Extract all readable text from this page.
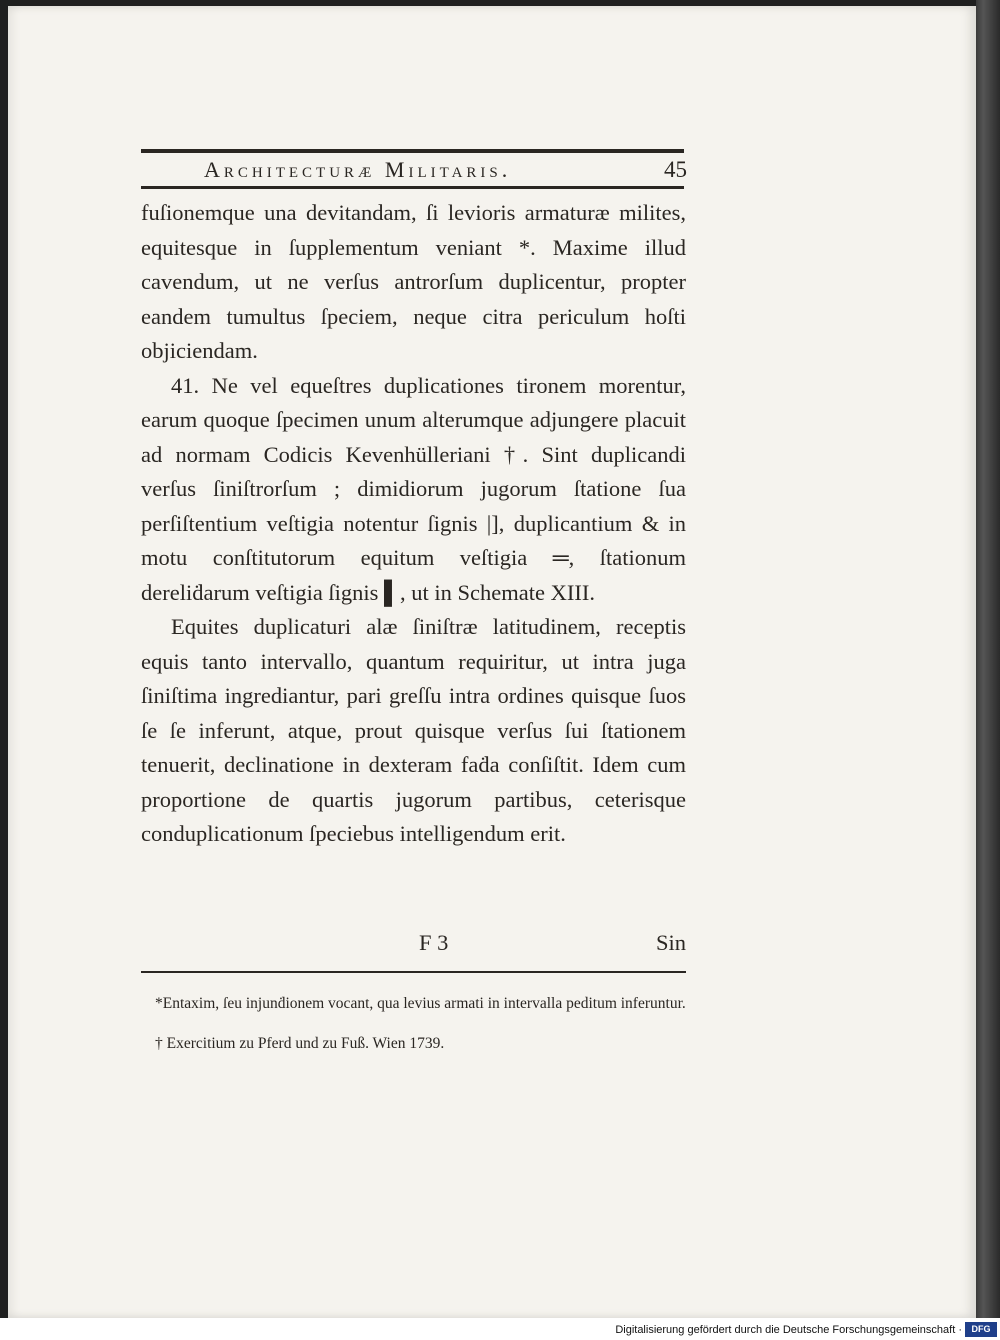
Architecturæ Militaris.	45

fuſionemque una devitandam, ſi levioris armaturæ milites, equitesque in ſupplementum veniant *. Maxime illud cavendum, ut ne verſus antrorſum duplicentur, propter eandem tumultus ſpeciem, neque citra periculum hoſti objiciendam.

41. Ne vel equeſtres duplicationes tironem morentur, earum quoque ſpecimen unum alterumque adjungere placuit ad normam Codicis Kevenhülleriani †. Sint duplicandi verſus ſiniſtrorſum ; dimidiorum jugorum ſtatione ſua perſiſtentium veſtigia notentur ſignis |], duplicantium & in motu conſtitutorum equitum veſtigia ═, ſtationum dereliḋarum veſtigia ſignis ▌, ut in Schemate XIII.

Equites duplicaturi alæ ſiniſtræ latitudinem, receptis equis tanto intervallo, quantum requiritur, ut intra juga ſiniſtima ingrediantur, pari greſſu intra ordines quisque ſuos ſe ſe inferunt, atque, prout quisque verſus ſui ſtationem tenuerit, declinatione in dexteram faḋa conſiſtit. Idem cum proportione de quartis jugorum partibus, ceterisque conduplicationum ſpeciebus intelligendum erit.

F 3	Sin

*Entaxim, ſeu injunḋionem vocant, qua levius armati in intervalla peditum inferuntur.

† Exercitium zu Pferd und zu Fuß. Wien 1739.

Digitalisierung gefördert durch die Deutsche Forschungsgemeinschaft ·	DFG
